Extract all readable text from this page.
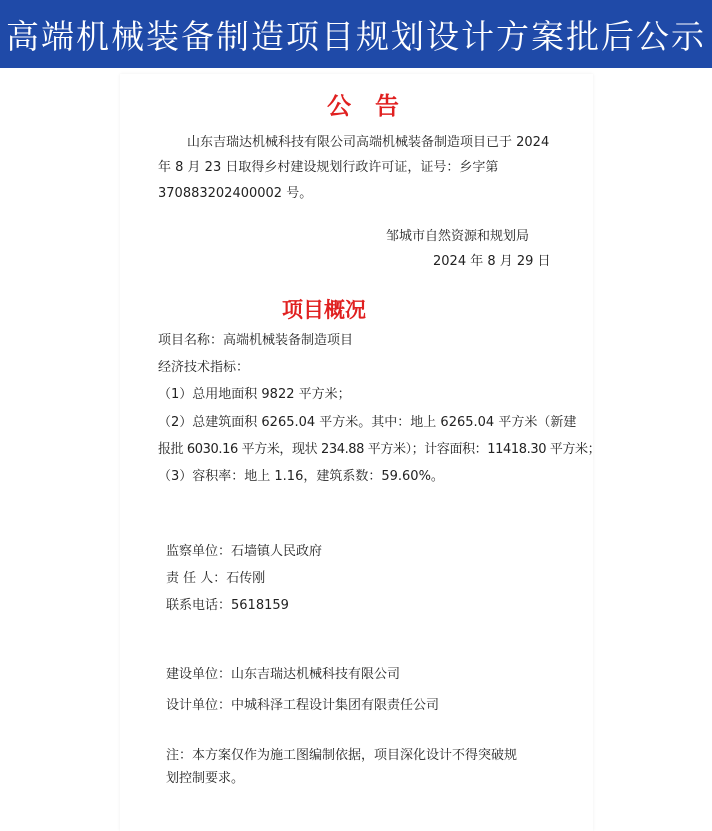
高端机械装备制造项目规划设计方案批后公示
公　告
山东吉瑞达机械科技有限公司高端机械装备制造项目已于 2024
年 8 月 23 日取得乡村建设规划行政许可证，证号：乡字第
370883202400002 号。
邹城市自然资源和规划局
2024 年 8 月 29 日
项目概况
项目名称：高端机械装备制造项目
经济技术指标：
（1）总用地面积 9822 平方米；
（2）总建筑面积 6265.04 平方米。其中：地上 6265.04 平方米（新建
报批 6030.16 平方米，现状 234.88 平方米）；计容面积：11418.30 平方米；
（3）容积率：地上 1.16，建筑系数：59.60%。
监察单位：石墙镇人民政府
责 任 人：石传刚
联系电话：5618159
建设单位：山东吉瑞达机械科技有限公司
设计单位：中城科泽工程设计集团有限责任公司
注：本方案仅作为施工图编制依据，项目深化设计不得突破规
划控制要求。
